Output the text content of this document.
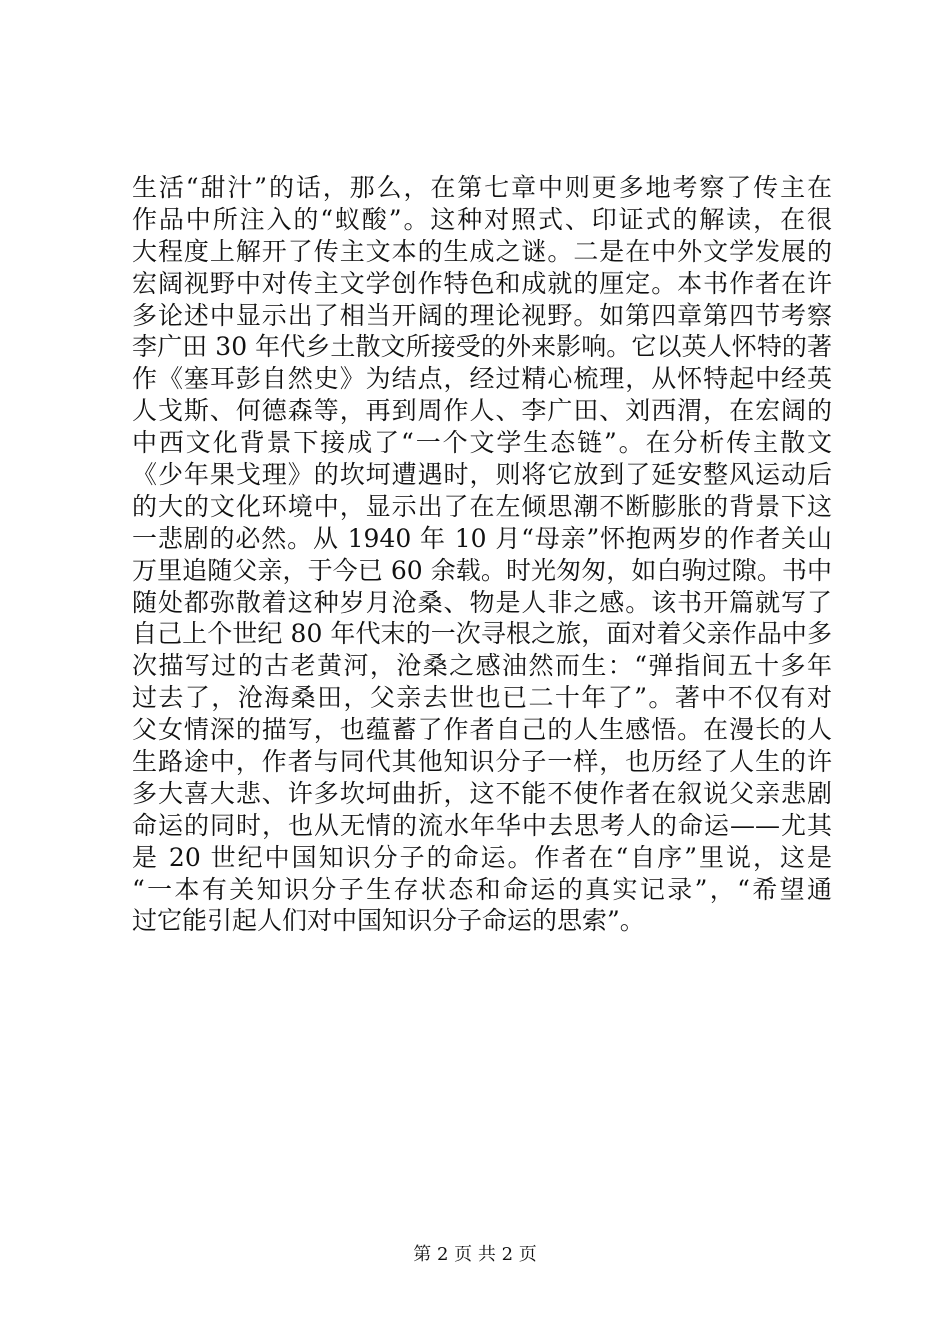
生活“甜汁”的话，那么，在第七章中则更多地考察了传主在
作品中所注入的“蚁酸”。这种对照式、印证式的解读，在很
大程度上解开了传主文本的生成之谜。二是在中外文学发展的
宏阔视野中对传主文学创作特色和成就的厘定。本书作者在许
多论述中显示出了相当开阔的理论视野。如第四章第四节考察
李广田 30 年代乡土散文所接受的外来影响。它以英人怀特的著
作《塞耳彭自然史》为结点，经过精心梳理，从怀特起中经英
人戈斯、何德森等，再到周作人、李广田、刘西渭，在宏阔的
中西文化背景下接成了“一个文学生态链”。在分析传主散文
《少年果戈理》的坎坷遭遇时，则将它放到了延安整风运动后
的大的文化环境中，显示出了在左倾思潮不断膨胀的背景下这
一悲剧的必然。从 1940 年 10 月“母亲”怀抱两岁的作者关山
万里追随父亲，于今已 60 余载。时光匆匆，如白驹过隙。书中
随处都弥散着这种岁月沧桑、物是人非之感。该书开篇就写了
自己上个世纪 80 年代末的一次寻根之旅，面对着父亲作品中多
次描写过的古老黄河，沧桑之感油然而生：“弹指间五十多年
过去了，沧海桑田，父亲去世也已二十年了”。著中不仅有对
父女情深的描写，也蕴蓄了作者自己的人生感悟。在漫长的人
生路途中，作者与同代其他知识分子一样，也历经了人生的许
多大喜大悲、许多坎坷曲折，这不能不使作者在叙说父亲悲剧
命运的同时，也从无情的流水年华中去思考人的命运——尤其
是 20 世纪中国知识分子的命运。作者在“自序”里说，这是
“一本有关知识分子生存状态和命运的真实记录”，“希望通
过它能引起人们对中国知识分子命运的思索”。
第 2 页 共 2 页
